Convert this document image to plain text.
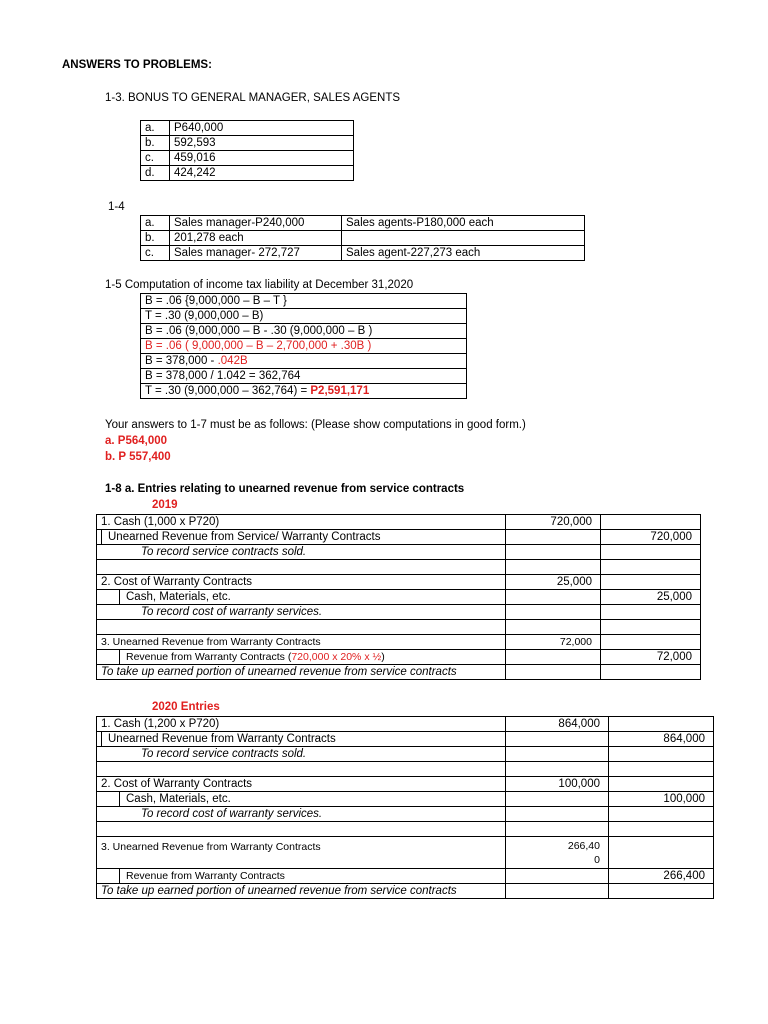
ANSWERS TO PROBLEMS:
1-3. BONUS TO GENERAL MANAGER, SALES AGENTS
a.	P640,000
b.	592,593
c.	459,016
d.	424,242
1-4
a.	Sales manager-P240,000	Sales agents-P180,000 each
b.	201,278 each	
c.	Sales manager- 272,727	Sales agent-227,273 each
1-5 Computation of income tax liability at December 31,2020
B = .06 {9,000,000 – B – T }
T = .30 (9,000,000 – B)
B = .06 (9,000,000 – B - .30 (9,000,000 – B )
B = .06 ( 9,000,000 – B – 2,700,000 + .30B )
B = 378,000 - .042B
B = 378,000 / 1.042 = 362,764
T = .30 (9,000,000 – 362,764) = P2,591,171
Your answers to 1-7 must be as follows: (Please show computations in good form.)
a. P564,000
b. P 557,400
1-8 a. Entries relating to unearned revenue from service contracts
2019
1. Cash (1,000 x P720)	720,000	
Unearned Revenue from Service/ Warranty Contracts		720,000
To record service contracts sold.		

2. Cost of Warranty Contracts	25,000	
Cash, Materials, etc.		25,000
To record cost of warranty services.		

3. Unearned Revenue from Warranty Contracts	72,000	
Revenue from Warranty Contracts (720,000 x 20% x ½)		72,000
To take up earned portion of unearned revenue from service contracts		
2020 Entries
1. Cash (1,200 x P720)	864,000	
Unearned Revenue from Warranty Contracts		864,000
To record service contracts sold.		

2. Cost of Warranty Contracts	100,000	
Cash, Materials, etc.		100,000
To record cost of warranty services.		

3. Unearned Revenue from Warranty Contracts	266,40
0	
Revenue from Warranty Contracts		266,400
To take up earned portion of unearned revenue from service contracts		
